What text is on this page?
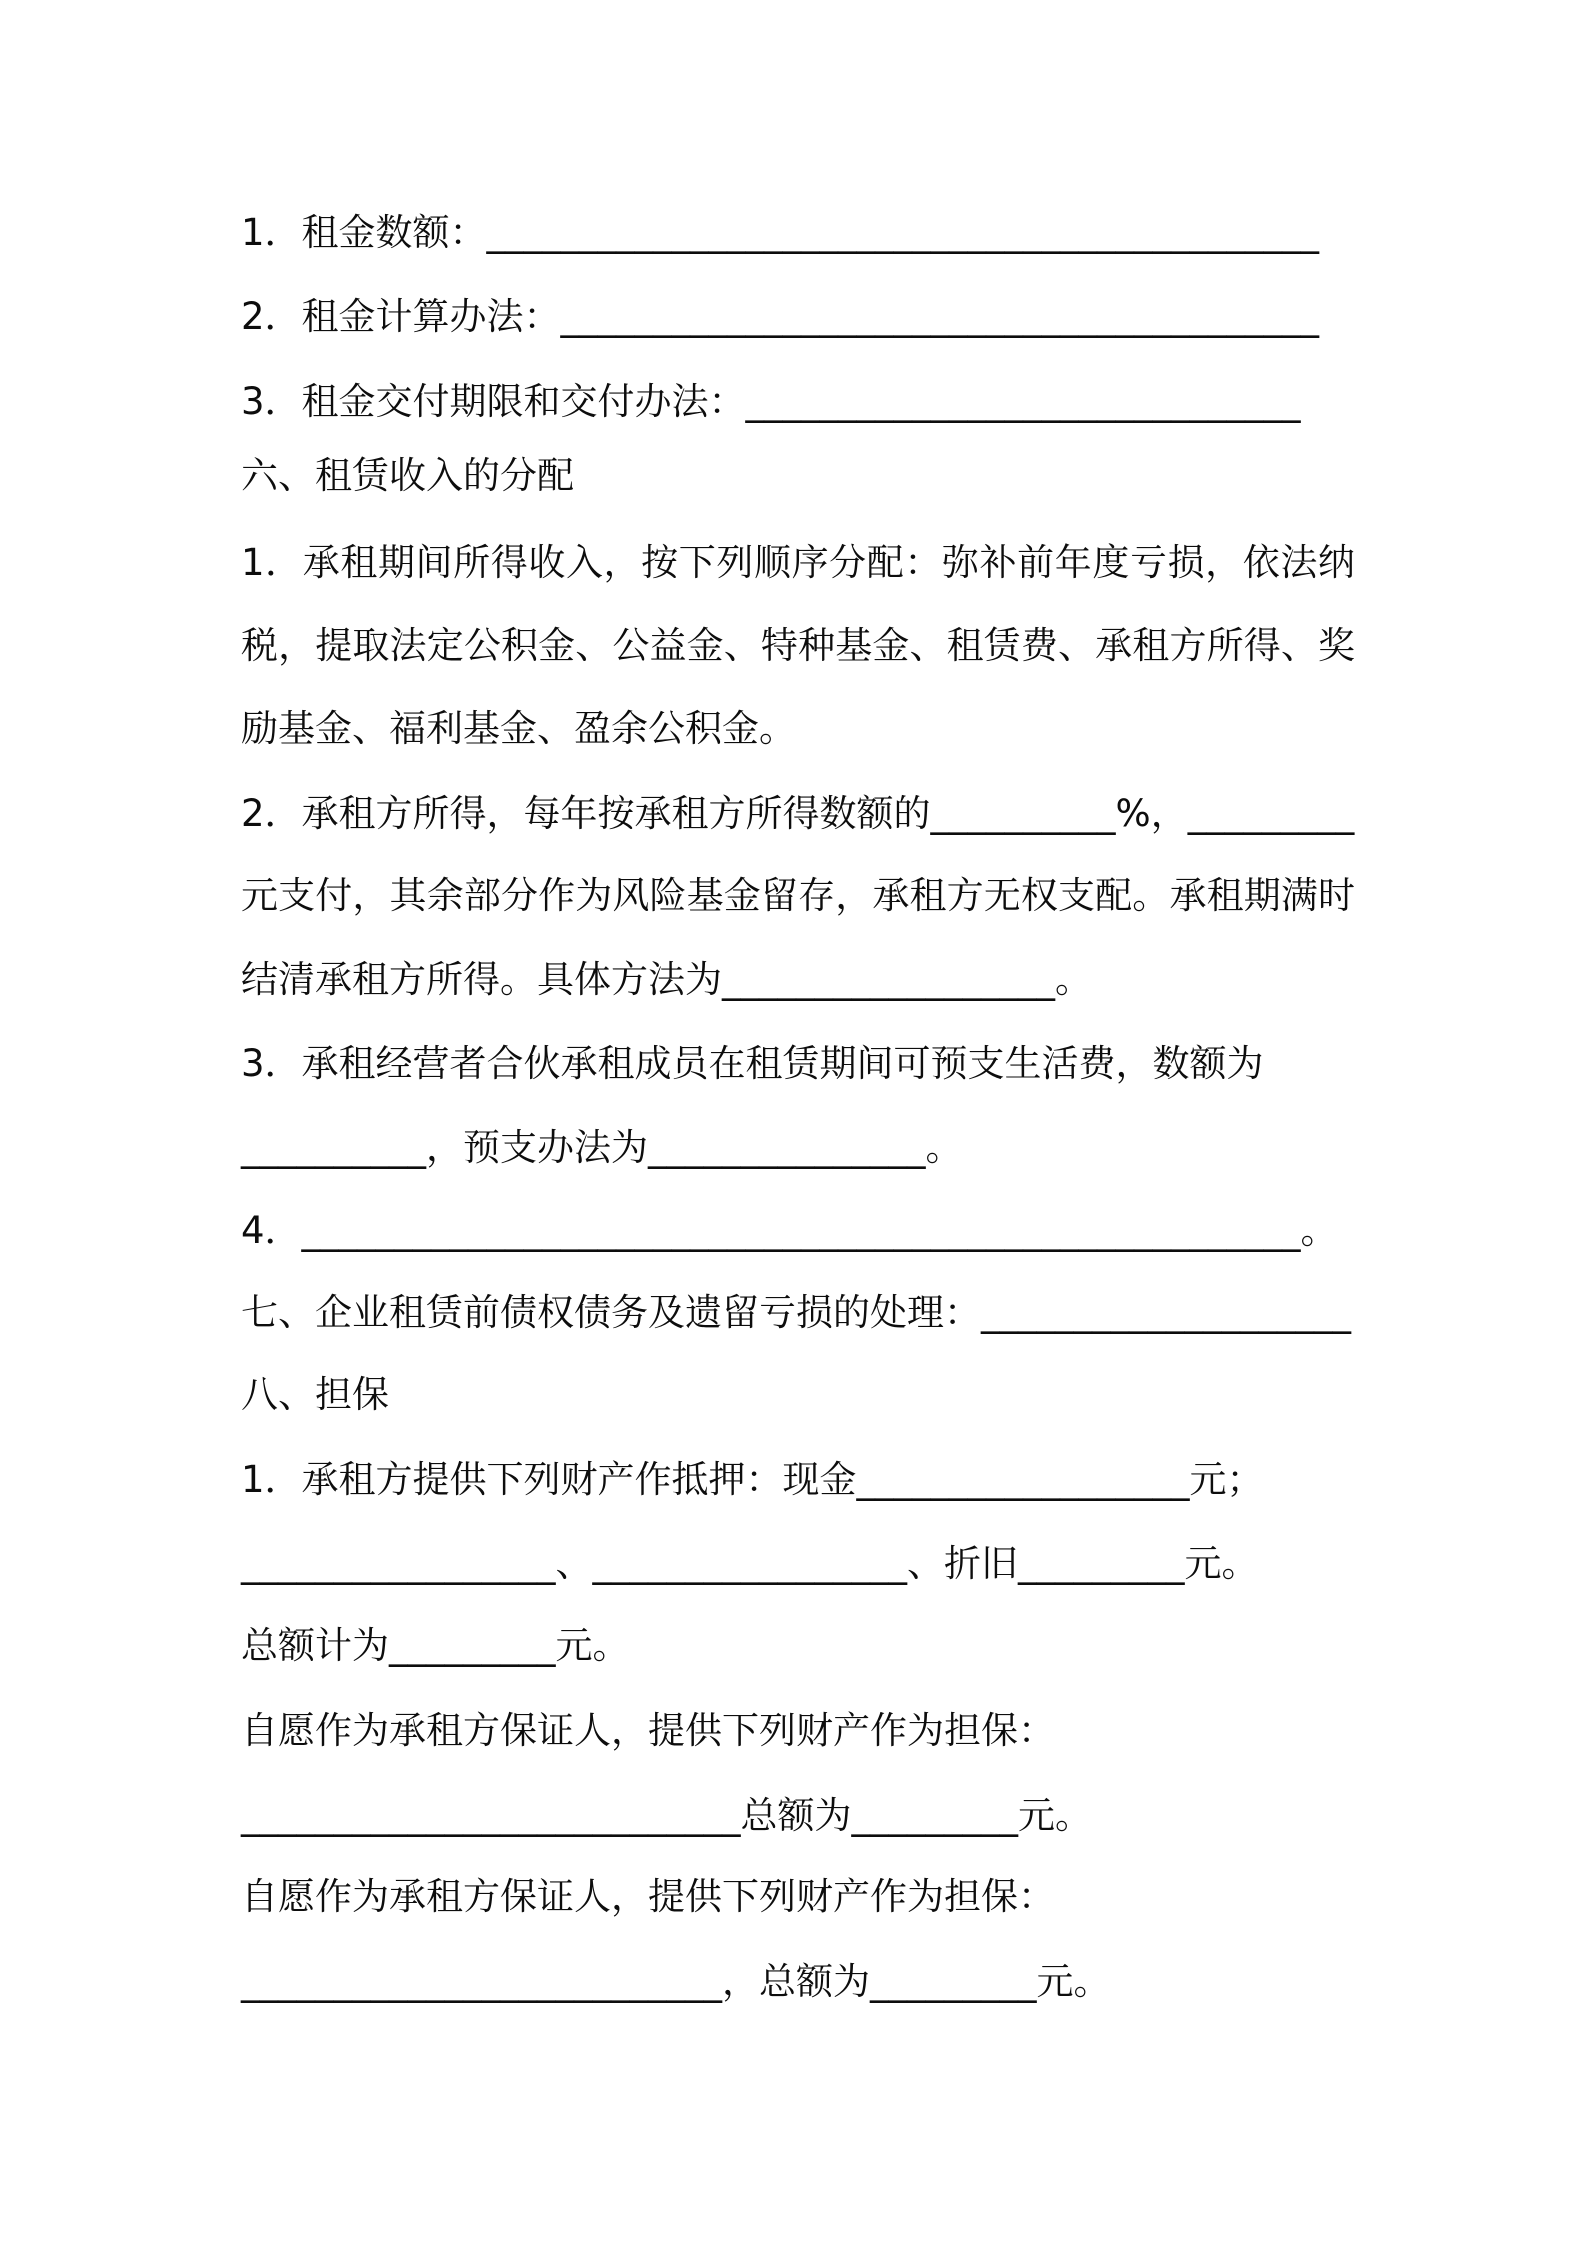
1．租金数额： _____________________________________________
2．租金计算办法： _________________________________________
3．租金交付期限和交付办法： ______________________________
六、租赁收入的分配
1．承租期间所得收入，按下列顺序分配：弥补前年度亏损，依法纳
税，提取法定公积金、公益金、特种基金、租赁费、承租方所得、奖
励基金、福利基金、盈余公积金。
2．承租方所得，每年按承租方所得数额的 __________ %， _________
元支付，其余部分作为风险基金留存，承租方无权支配。承租期满时
结清承租方所得。具体方法为 __________________ 。
3．承租经营者合伙承租成员在租赁期间可预支生活费，数额为
__________ ，预支办法为 _______________ 。
4． ______________________________________________________ 。
七、企业租赁前债权债务及遗留亏损的处理： ____________________
八、担保
1．承租方提供下列财产作抵押：现金 __________________ 元；
_________________ 、 _________________ 、折旧 _________ 元。
总额计为 _________ 元。
自愿作为承租方保证人，提供下列财产作为担保：
___________________________ 总额为 _________ 元。
自愿作为承租方保证人，提供下列财产作为担保：
__________________________ ，总额为 _________ 元。
